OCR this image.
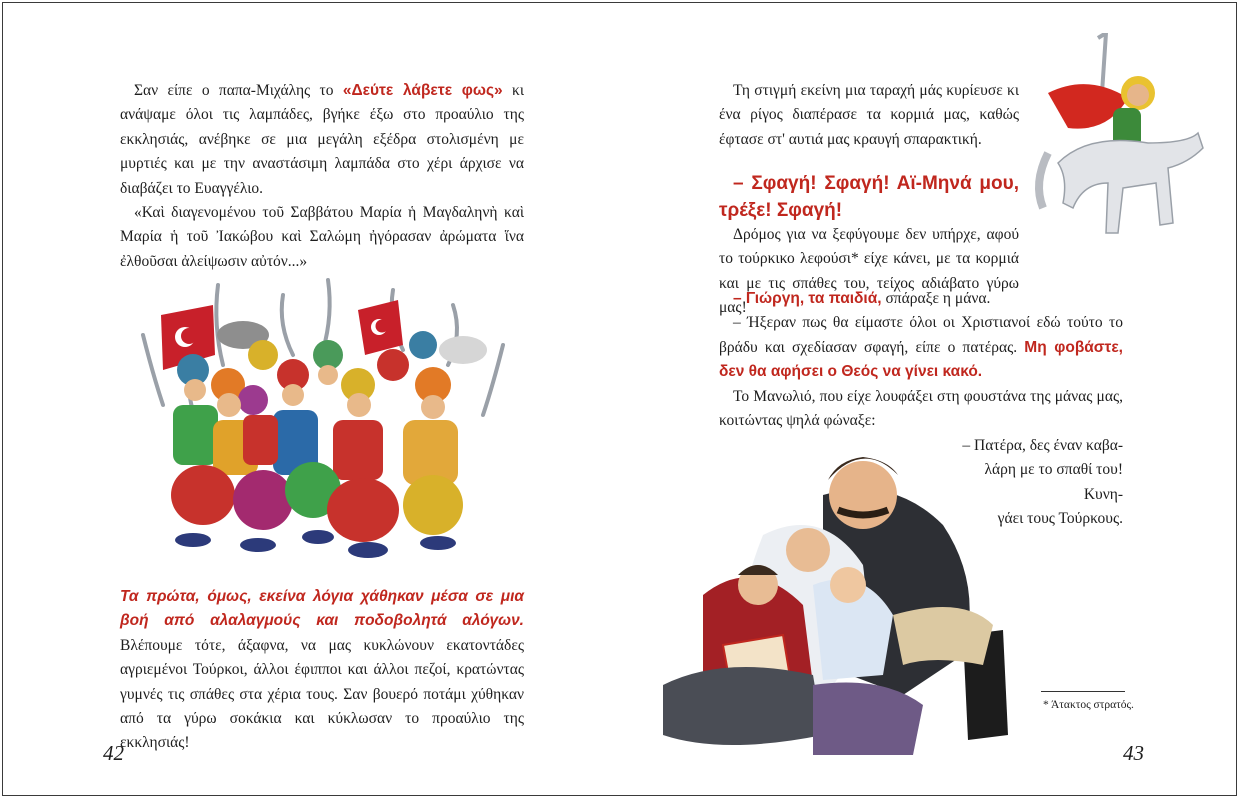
Σαν είπε ο παπα-Μιχάλης το «Δεύτε λάβετε φως» κι ανάψαμε όλοι τις λαμπάδες, βγήκε έξω στο προαύλιο της εκκλησιάς, ανέβηκε σε μια μεγάλη εξέδρα στολισμένη με μυρτιές και με την αναστάσιμη λαμπάδα στο χέρι άρχισε να διαβάζει το Ευαγγέλιο.

«Καὶ διαγενομένου τοῦ Σαββάτου Μαρία ἡ Μαγδαληνὴ καὶ Μαρία ἡ τοῦ Ἰακώβου καὶ Σαλώμη ἠγόρασαν ἀρώματα ἵνα ἐλθοῦσαι ἀλείψωσιν αὐτόν...»

Τα πρώτα, όμως, εκείνα λόγια χάθηκαν μέσα σε μια βοή από αλαλαγμούς και ποδοβολητά αλόγων. Βλέπουμε τότε, άξαφνα, να μας κυκλώνουν εκατοντάδες αγριεμένοι Τούρκοι, άλλοι έφιπποι και άλλοι πεζοί, κρατώντας γυμνές τις σπάθες στα χέρια τους. Σαν βουερό ποτάμι χύθηκαν από τα γύρω σοκάκια και κύκλωσαν το προαύλιο της εκκλησιάς!

42

Τη στιγμή εκείνη μια ταραχή μάς κυρίευσε κι ένα ρίγος διαπέρασε τα κορμιά μας, καθώς έφτασε στ' αυτιά μας κραυγή σπαρακτική.

– Σφαγή! Σφαγή! Αϊ-Μηνά μου, τρέξε! Σφαγή!

Δρόμος για να ξεφύγουμε δεν υπήρχε, αφού το τούρκικο λεφούσι* είχε κάνει, με τα κορμιά και με τις σπάθες του, τείχος αδιάβατο γύρω μας!

– Γιώργη, τα παιδιά, σπάραξε η μάνα.

– Ήξεραν πως θα είμαστε όλοι οι Χριστιανοί εδώ τούτο το βράδυ και σχεδίασαν σφαγή, είπε ο πατέρας. Μη φοβάστε, δεν θα αφήσει ο Θεός να γίνει κακό.

Το Μανωλιό, που είχε λουφάξει στη φουστάνα της μάνας μας, κοιτώντας ψηλά φώναξε:

– Πατέρα, δες έναν καβα-
λάρη με το σπαθί του! Κυνη-
γάει τους Τούρκους.
* Άτακτος στρατός.
43
